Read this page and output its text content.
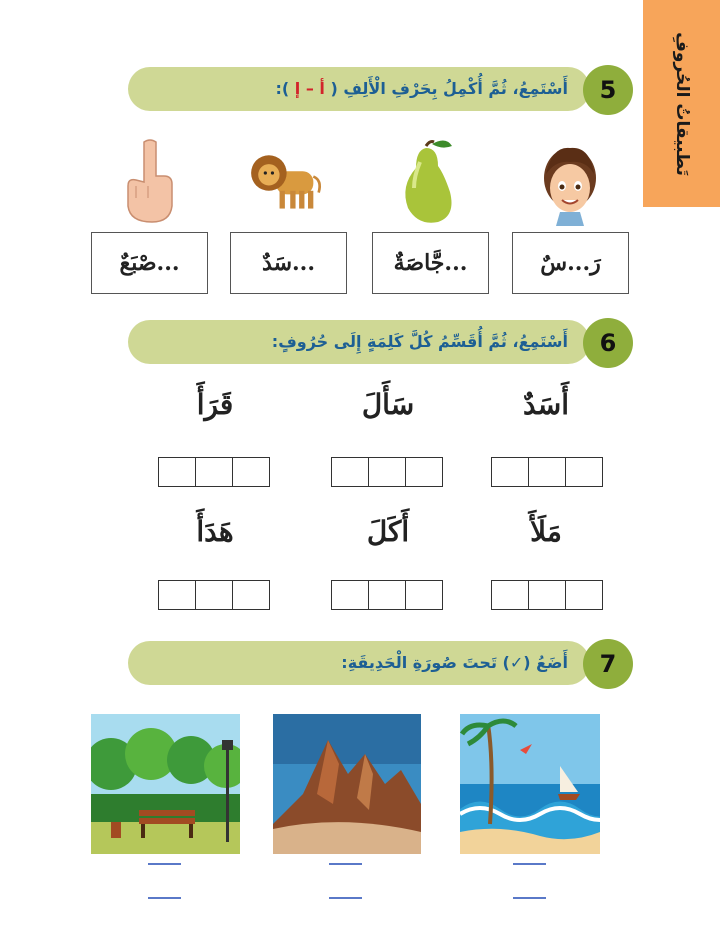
تَطبيقاتُ الحُروفِ
أَسْتَمِعُ، ثُمَّ أُكْمِلُ بِحَرْفِ الْأَلِفِ ( أ – إ ):	5
رَ...سٌ
...جَّاصَةٌ
...سَدٌ
...صْبَعٌ
أَسْتَمِعُ، ثُمَّ أُقَسِّمُ كُلَّ كَلِمَةٍ إِلَى حُرُوفٍ:	6
أَسَدٌ
سَأَلَ
قَرَأَ
مَلَأَ
أَكَلَ
هَدَأَ
أَضَعُ (✓) تَحتَ صُورَةِ الْحَدِيقَةِ:	7
